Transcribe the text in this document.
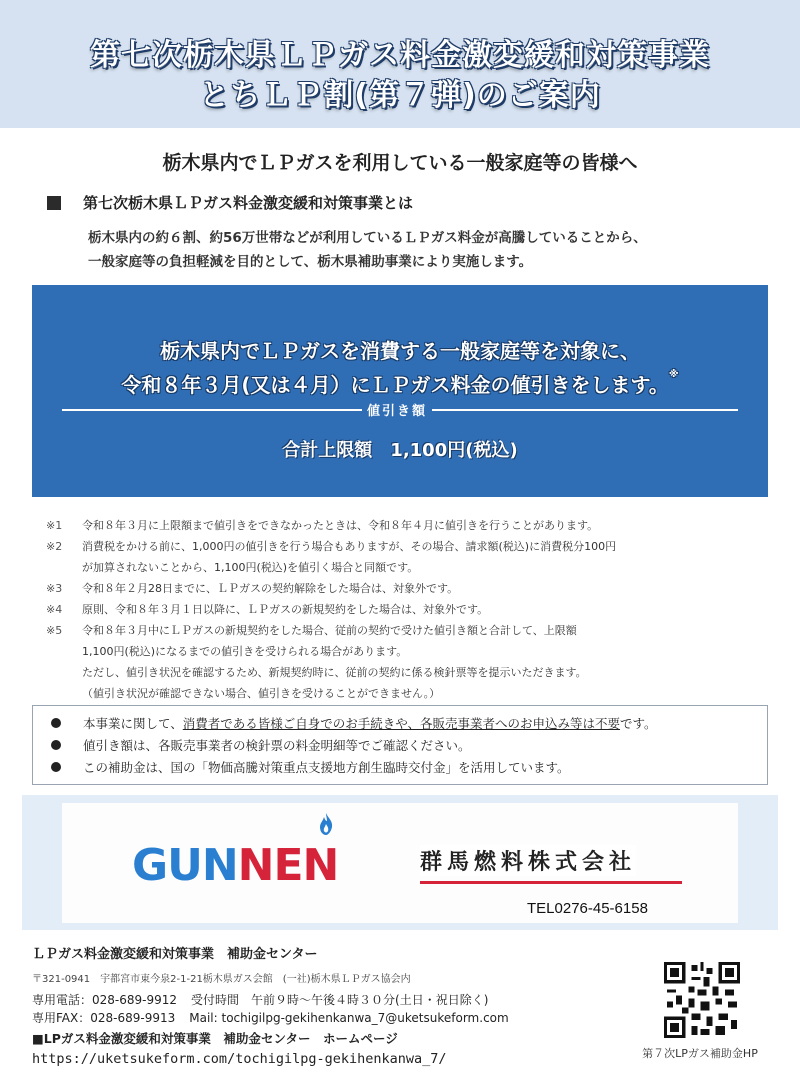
第七次栃木県ＬＰガス料金激変緩和対策事業
とちＬＰ割(第７弾)のご案内
栃木県内でＬＰガスを利用している一般家庭等の皆様へ
第七次栃木県ＬＰガス料金激変緩和対策事業とは
栃木県内の約６割、約56万世帯などが利用しているＬＰガス料金が高騰していることから、
一般家庭等の負担軽減を目的として、栃木県補助事業により実施します。
栃木県内でＬＰガスを消費する一般家庭等を対象に、
令和８年３月(又は４月）にＬＰガス料金の値引きをします。※
値引き額
合計上限額　1,100円(税込)
※1	令和８年３月に上限額まで値引きをできなかったときは、令和８年４月に値引きを行うことがあります。
※2	消費税をかける前に、1,000円の値引きを行う場合もありますが、その場合、請求額(税込)に消費税分100円
が加算されないことから、1,100円(税込)を値引く場合と同額です。
※3	令和８年２月28日までに、ＬＰガスの契約解除をした場合は、対象外です。
※4	原則、令和８年３月１日以降に、ＬＰガスの新規契約をした場合は、対象外です。
※5	令和８年３月中にＬＰガスの新規契約をした場合、従前の契約で受けた値引き額と合計して、上限額
1,100円(税込)になるまでの値引きを受けられる場合があります。
ただし、値引き状況を確認するため、新規契約時に、従前の契約に係る検針票等を提示いただきます。
（値引き状況が確認できない場合、値引きを受けることができません。）
本事業に関して、消費者である皆様ご自身でのお手続きや、各販売事業者へのお申込み等は不要です。
値引き額は、各販売事業者の検針票の料金明細等でご確認ください。
この補助金は、国の「物価高騰対策重点支援地方創生臨時交付金」を活用しています。
GUNNEN	群馬燃料株式会社
TEL0276-45-6158
ＬＰガス料金激変緩和対策事業　補助金センター
〒321-0941　宇都宮市東今泉2-1-21栃木県ガス会館　(一社)栃木県ＬＰガス協会内
専用電話：028-689-9912 受付時間　午前９時～午後４時３０分(土日・祝日除く)
専用FAX：028-689-9913 Mail: tochigilpg-gekihenkanwa_7@uketsukeform.com
■LPガス料金激変緩和対策事業　補助金センター　ホームページ
https://uketsukeform.com/tochigilpg-gekihenkanwa_7/	第７次LPガス補助金HP
